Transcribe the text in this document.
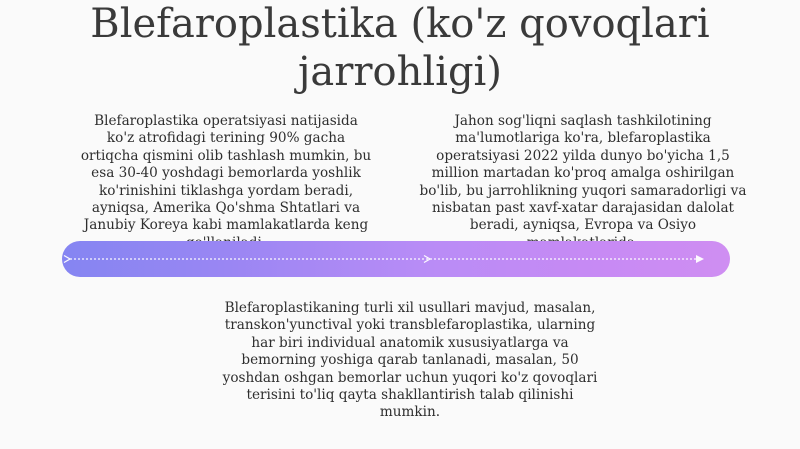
Blefaroplastika (ko'z qovoqlari jarrohligi)

Blefaroplastika operatsiyasi natijasida ko'z atrofidagi terining 90% gacha ortiqcha qismini olib tashlash mumkin, bu esa 30-40 yoshdagi bemorlarda yoshlik ko'rinishini tiklashga yordam beradi, ayniqsa, Amerika Qo'shma Shtatlari va Janubiy Koreya kabi mamlakatlarda keng

Jahon sog'liqni saqlash tashkilotining ma'lumotlariga ko'ra, blefaroplastika operatsiyasi 2022 yilda dunyo bo'yicha 1,5 million martadan ko'proq amalga oshirilgan bo'lib, bu jarrohlikning yuqori samaradorligi va nisbatan past xavf-xatar darajasidan dalolat beradi, ayniqsa, Evropa va Osiyo

Blefaroplastikaning turli xil usullari mavjud, masalan, transkon'yunctival yoki transblefaroplastika, ularning har biri individual anatomik xususiyatlarga va bemorning yoshiga qarab tanlanadi, masalan, 50 yoshdan oshgan bemorlar uchun yuqori ko'z qovoqlari terisini to'liq qayta shakllantirish talab qilinishi mumkin.
